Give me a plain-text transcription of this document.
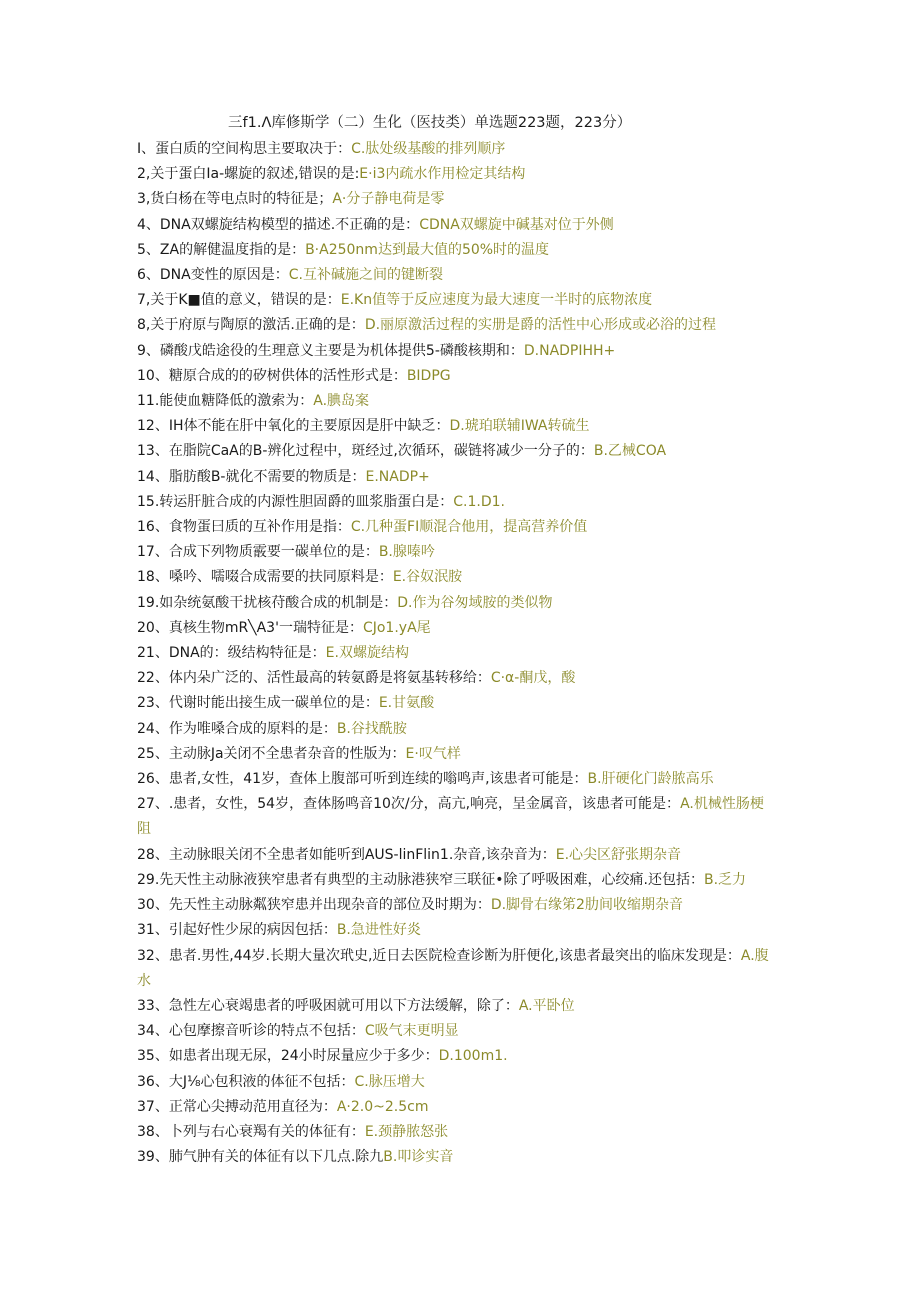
三f1.Λ库修斯学（二）生化（医技类）单选题223题，223分）
I、蛋白质的空间构思主要取决于：C.肽处级基酸的排列顺序
2,关于蛋白Ia-螺旋的叙述,错误的是:E·i3内疏水作用检定其结构
3,货白杨在等电点时的特征是；A·分子静电荷是零
4、DNA双螺旋结构模型的描述.不正确的是：CDNA双螺旋中碱基对位于外侧
5、ZA的解健温度指的是：B·A250nm达到最大值的50%时的温度
6、DNA变性的原因是：C.互补碱施之间的键断裂
7,关于K■值的意义，错误的是：E.Kn值等于反应速度为最大速度一半时的底物浓度
8,关于府原与陶原的激活.正确的是：D.丽原激活过程的实册是爵的活性中心形成或必浴的过程
9、磷酸戊皓途役的生理意义主要是为机体提供5-磷酸核期和：D.NADPIHH+
10、糖原合成的的矽树供体的活性形式是：BIDPG
11.能使血糖降低的激索为：A.腆岛案
12、IH体不能在肝中氧化的主要原因是肝中缺乏：D.琥珀联辅IWA转硫生
13、在脂院CaA的B-辨化过程中，斑经过,次循环，碳链将减少一分子的：B.乙械COA
14、脂肪酸B-就化不需要的物质是：E.NADP+
15.转运肝脏合成的内源性胆固爵的皿浆脂蛋白是：C.1.D1.
16、食物蛋曰质的互补作用是指：C.几种蛋FI顺混合他用，提高营养价值
17、合成下列物质霰要一碳单位的是：B.腺嗪吟
18、嗓吟、嚅啜合成需要的扶同原料是：E.谷奴泯胺
19.如杂统氨酸干扰核苻酸合成的机制是：D.作为谷匆域胺的类似物
20、真核生物mR╲A3'一瑞特征是：CJo1.yA尾
21、DNA的：级结构特征是：E.双螺旋结构
22、体内朵广泛的、活性最高的转氨爵是将氨基转移给：C·α-酮戊，酸
23、代谢时能出接生成一碳单位的是：E.甘氨酸
24、作为唯嗓合成的原料的是：B.谷找酰胺
25、主动脉Ja关闭不全患者杂音的性版为：E·叹气样
26、患者,女性，41岁，查体上腹部可听到连续的嗡鸣声,该患者可能是：B.肝硬化门龄脓高乐
27、.患者，女性，54岁，查体肠鸣音10次/分，高亢,响亮，呈金属音，该患者可能是：A.机械性肠梗阻
28、主动脉眼关闭不全患者如能听到AUS-linFlin1.杂音,该杂音为：E.心尖区舒张期杂音
29.先天性主动脉液狭窄患者有典型的主动脉港狭窄三联征•除了呼吸困难，心绞痛.还包括：B.乏力
30、先天性主动脉粼狭窄患并出现杂音的部位及时期为：D.脚骨右缘笫2肋间收缩期杂音
31、引起好性少尿的病因包括：B.急进性好炎
32、患者.男性,44岁.长期大量次玳史,近日去医院检查诊断为肝便化,该患者最突出的临床发现是：A.腹水
33、急性左心衰竭患者的呼吸困就可用以下方法缓解，除了：A.平卧位
34、心包摩擦音听诊的特点不包括：C吸气末更明显
35、如患者出现无尿，24小时尿量应少于多少：D.100m1.
36、大J⅛心包积液的体征不包括：C.脉压增大
37、正常心尖搏动范用直径为：A·2.0~2.5cm
38、卜列与右心衰羯有关的体征有：E.颈静脓怒张
39、肺气肿有关的体征有以下几点.除九B.叩诊实音
